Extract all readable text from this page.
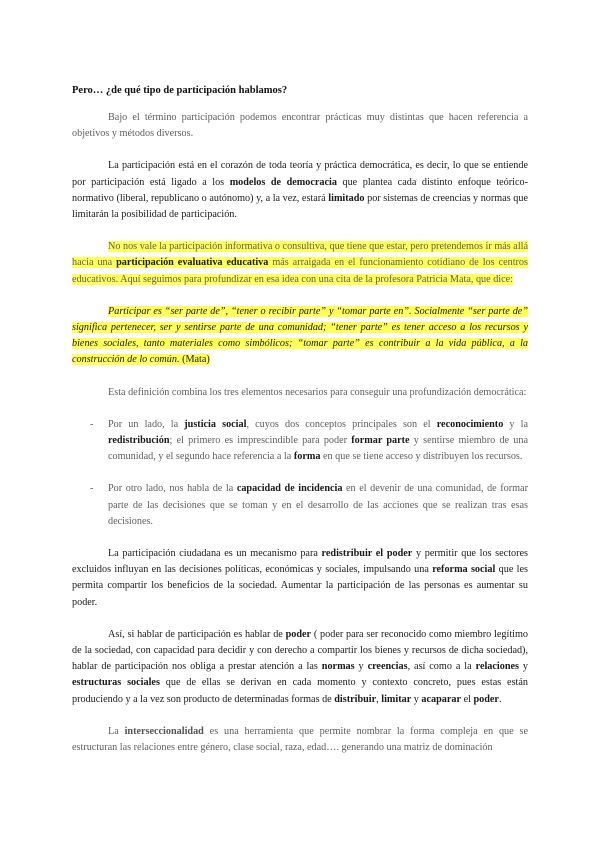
Pero… ¿de qué tipo de participación hablamos?

Bajo el término participación podemos encontrar prácticas muy distintas que hacen referencia a objetivos y métodos diversos.

La participación está en el corazón de toda teoría y práctica democrática, es decir, lo que se entiende por participación está ligado a los modelos de democracia que plantea cada distinto enfoque teórico-normativo (liberal, republicano o autónomo) y, a la vez, estará limitado por sistemas de creencias y normas que limitarán la posibilidad de participación.

No nos vale la participación informativa o consultiva, que tiene que estar, pero pretendemos ir más allá hacia una participación evaluativa educativa más arraigada en el funcionamiento cotidiano de los centros educativos. Aquí seguimos para profundizar en esa idea con una cita de la profesora Patricia Mata, que dice:

Participar es “ser parte de”, “tener o recibir parte” y “tomar parte en”. Socialmente “ser parte de” significa pertenecer, ser y sentirse parte de una comunidad; “tener parte” es tener acceso a los recursos y bienes sociales, tanto materiales como simbólicos; “tomar parte” es contribuir a la vida pública, a la construcción de lo común. (Mata)

Esta definición combina los tres elementos necesarios para conseguir una profundización democrática:

- Por un lado, la justicia social, cuyos dos conceptos principales son el reconocimiento y la redistribución; el primero es imprescindible para poder formar parte y sentirse miembro de una comunidad, y el segundo hace referencia a la forma en que se tiene acceso y distribuyen los recursos.
- Por otro lado, nos habla de la capacidad de incidencia en el devenir de una comunidad, de formar parte de las decisiones que se toman y en el desarrollo de las acciones que se realizan tras esas decisiones.

La participación ciudadana es un mecanismo para redistribuir el poder y permitir que los sectores excluidos influyan en las decisiones políticas, económicas y sociales, impulsando una reforma social que les permita compartir los beneficios de la sociedad. Aumentar la participación de las personas es aumentar su poder.

Así, si hablar de participación es hablar de poder ( poder para ser reconocido como miembro legítimo de la sociedad, con capacidad para decidir y con derecho a compartir los bienes y recursos de dicha sociedad), hablar de participación nos obliga a prestar atención a las normas y creencias, así como a la relaciones y estructuras sociales que de ellas se derivan en cada momento y contexto concreto, pues estas están produciendo y a la vez son producto de determinadas formas de distribuir, limitar y acaparar el poder.

La interseccionalidad es una herramienta que permite nombrar la forma compleja en que se estructuran las relaciones entre género, clase social, raza, edad…. generando una matriz de dominación
